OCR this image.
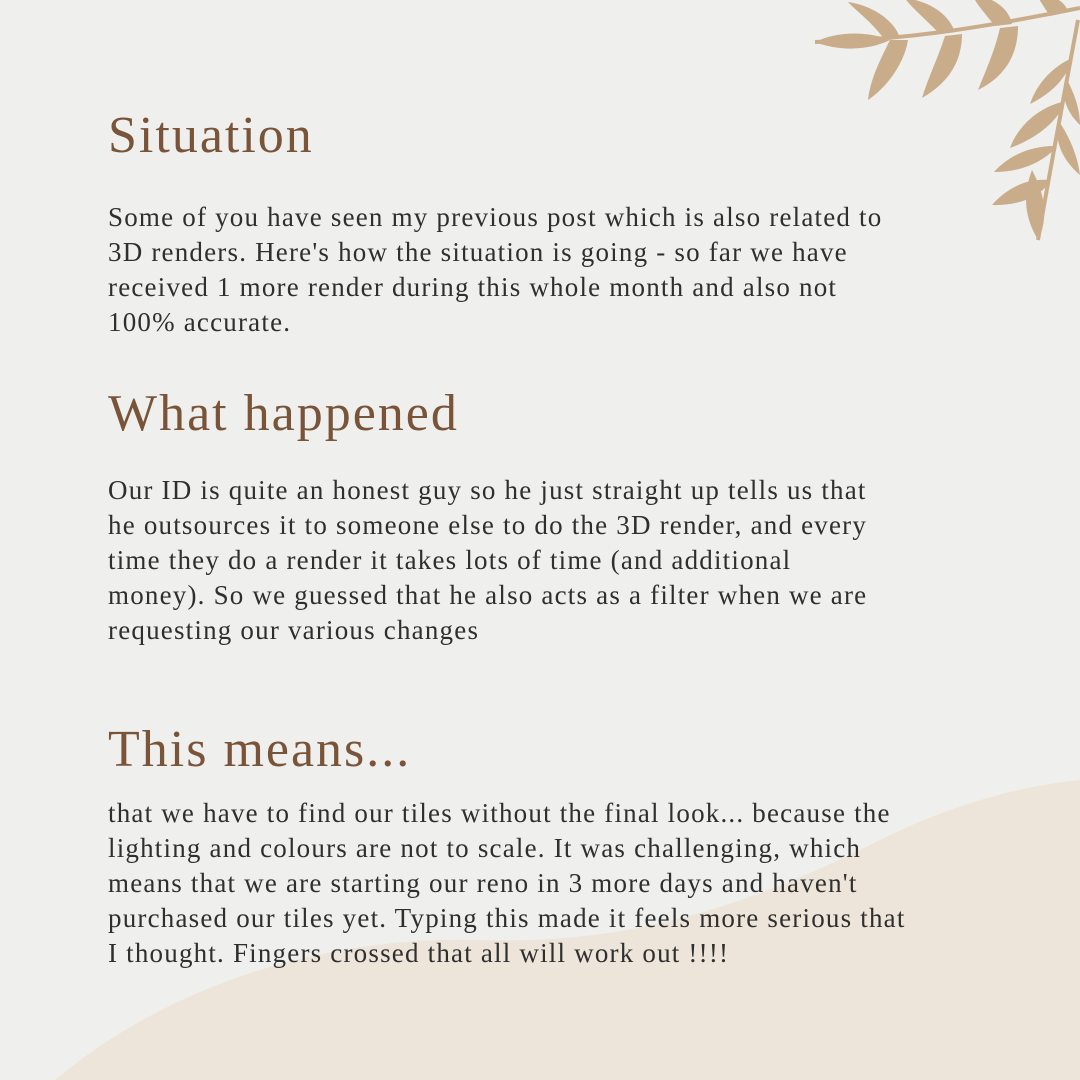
Situation

Some of you have seen my previous post which is also related to
3D renders. Here's how the situation is going - so far we have
received 1 more render during this whole month and also not
100% accurate.

What happened

Our ID is quite an honest guy so he just straight up tells us that
he outsources it to someone else to do the 3D render, and every
time they do a render it takes lots of time (and additional
money). So we guessed that he also acts as a filter when we are
requesting our various changes

This means...

that we have to find our tiles without the final look... because the
lighting and colours are not to scale. It was challenging, which
means that we are starting our reno in 3 more days and haven't
purchased our tiles yet. Typing this made it feels more serious that
I thought. Fingers crossed that all will work out !!!!
